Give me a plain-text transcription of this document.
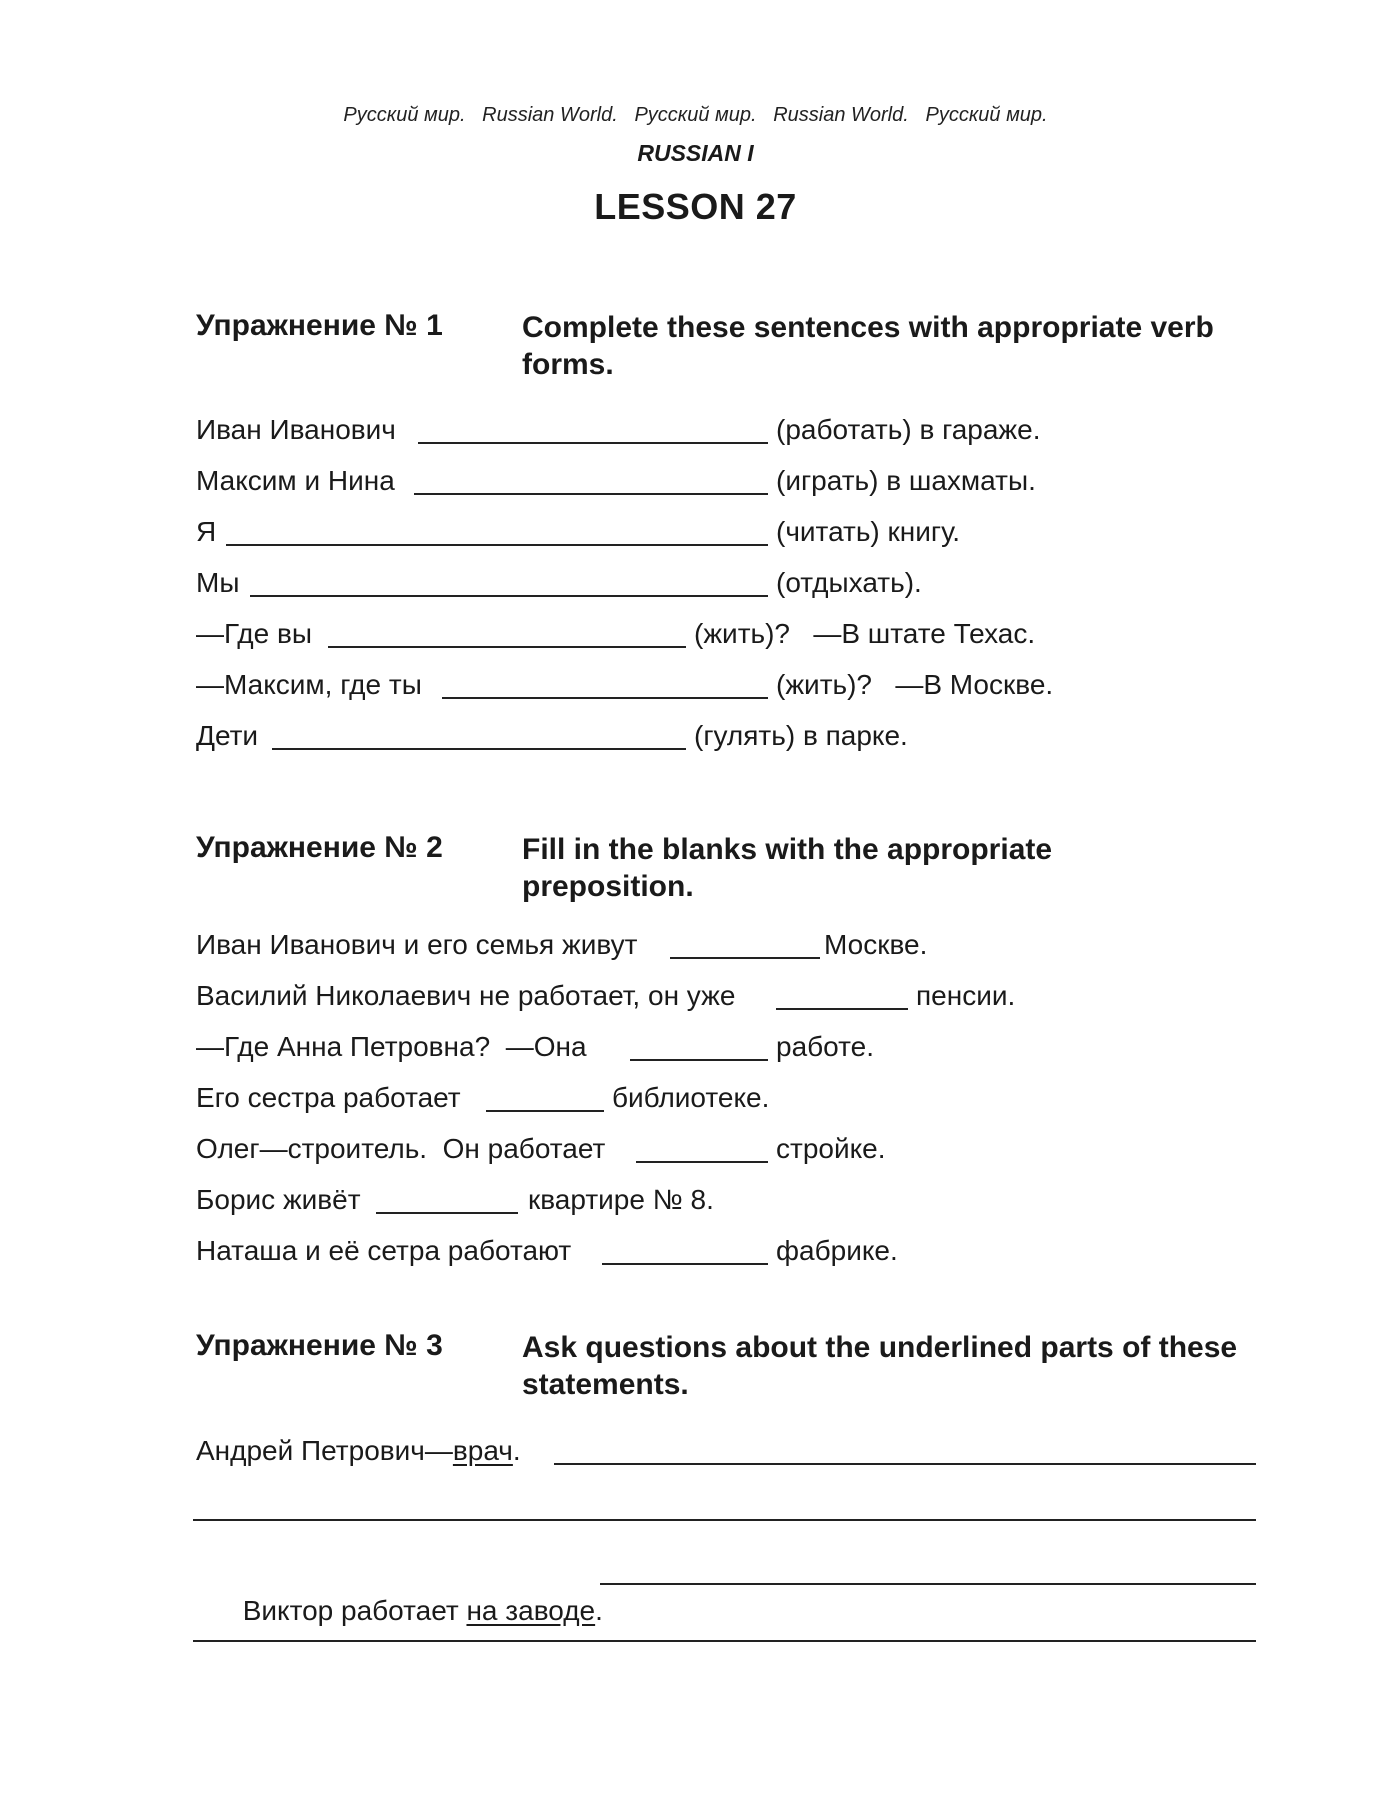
Русский мир.   Russian World.   Русский мир.   Russian World.   Русский мир.
RUSSIAN I
LESSON 27
Упражнение № 1	Complete these sentences with appropriate verb forms.
Иван Иванович	(работать) в гараже.
Максим и Нина	(играть) в шахматы.
Я	(читать) книгу.
Мы	(отдыхать).
—Где вы	(жить)?   —В штате Техас.
—Максим, где ты	(жить)?   —В Москве.
Дети	(гулять) в парке.
Упражнение № 2	Fill in the blanks with the appropriate preposition.
Иван Иванович и его семья живут	Москве.
Василий Николаевич не работает, он уже	пенсии.
—Где Анна Петровна?  —Она	работе.
Его сестра работает	библиотеке.
Олег—строитель.  Он работает	стройке.
Борис живёт	квартире № 8.
Наташа и её сетра работают	фабрике.
Упражнение № 3	Ask questions about the underlined parts of these  statements.
Андрей Петрович—врач.

Виктор работает на заводе.
